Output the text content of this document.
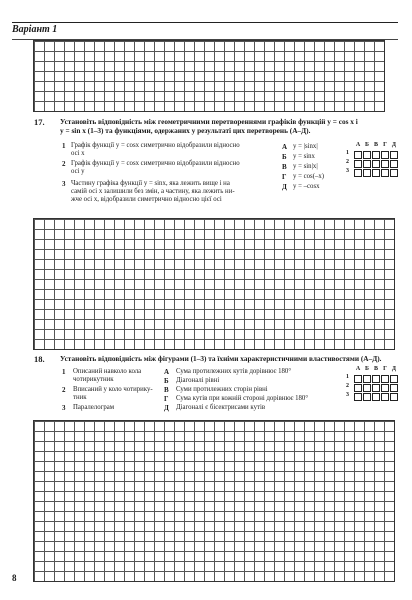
Варіант 1
17. Установіть відповідність між геометричними перетвореннями графіків функцій y = cos x і
y = sin x (1–3) та функціями, одержаних у результаті цих перетворень (А–Д).
1 Графік функції y = cosx симетрично відобразили відносно
осі x
2 Графік функції y = cosx симетрично відобразили відносно
осі y
3 Частину графіка функції y = sinx, яка лежить вище і на
самій осі x залишили без змін, а частину, яка лежить ни-
жче осі x, відобразили симетрично відносно цієї осі
А y = |sinx|
Б y = sinx
В y = sin|x|
Г y = cos(–x)
Д y = –cosx
А Б В Г Д
1
2
3
18. Установіть відповідність між фігурами (1–3) та їхніми характеристичними властивостями (А–Д).
1 Описаний навколо кола
чотирикутник
2 Вписаний у коло чотирику-
тник
3 Паралелограм
А Сума протилежних кутів дорівнює 180°
Б Діагоналі рівні
В Суми протилежних сторін рівні
Г Сума кутів при кожній стороні дорівнює 180°
Д Діагоналі є бісектрисами кутів
А Б В Г Д
1
2
3
8
